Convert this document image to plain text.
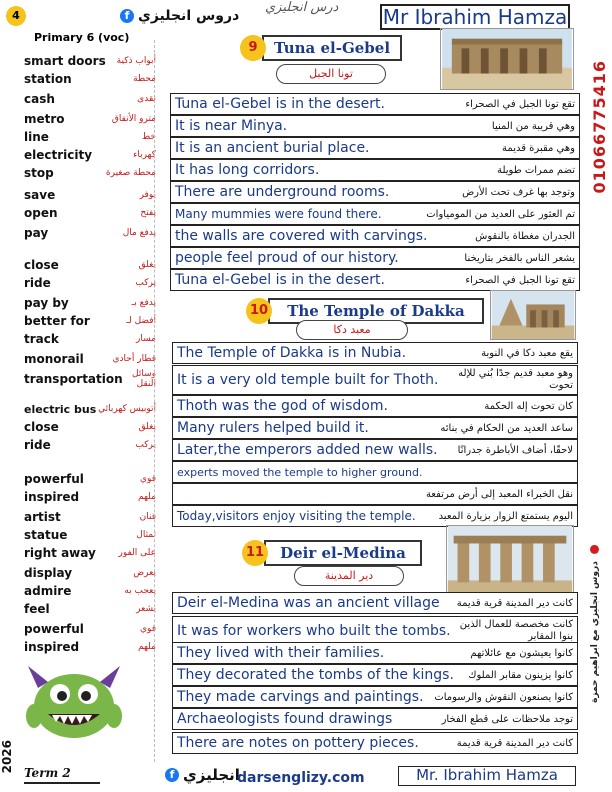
4	f دروس انجليزي
درس انجليزي Mr Ibrahim Hamza
01066775416
دروس انجليزي مع ابراهيم حمزة
Primary 6 (voc)
smart doors أبواب ذكية
station	محطة
cash	نقدى
metro	مترو الأنفاق
line	خط
electricity	كهرباء
stop	محطة صغيرة
save	يوفر
open	يفتح
pay	يدفع مال
close	يغلق
ride	يركب
pay by	يدفع بـ
better for	أفضل لـ
track	مسار
monorail	قطار أحادي
transportation	وسائل النقل
electric bus أتوبيس كهربائي
close	يغلق
ride	يركب
powerful	قوي
inspired	ملهم
artist	فنان
statue	تمثال
right away	على الفور
display	يعرض
admire	يعجب به
feel	يشعر
powerful	قوي
inspired	ملهم
9	Tuna el-Gebel
تونا الجبل
Tuna el-Gebel is in the desert.	تقع تونا الجبل في الصحراء
It is near Minya.	وهي قريبة من المنيا
It is an ancient burial place.	وهي مقبرة قديمة
It has long corridors.	تضم ممرات طويلة
There are underground rooms.	وتوجد بها غرف تحت الأرض
Many mummies were found there.	تم العثور على العديد من المومياوات
the walls are covered with carvings.	الجدران مغطاة بالنقوش
people feel proud of our history.	يشعر الناس بالفخر بتاريخنا
Tuna el-Gebel is in the desert.	تقع تونا الجبل في الصحراء
10	The Temple of Dakka
معبد دكا
The Temple of Dakka is in Nubia.	يقع معبد دكا في النوبة
It is a very old temple built for Thoth.	وهو معبد قديم جدًا بُني للإله تحوت
Thoth was the god of wisdom.	كان تحوت إله الحكمة
Many rulers helped build it.	ساعد العديد من الحكام في بنائه
Later,the emperors added new walls.	لاحقًا، أضاف الأباطرة جدرانًا
experts moved the temple to higher ground.
نقل الخبراء المعبد إلى أرض مرتفعة
Today,visitors enjoy visiting the temple.	اليوم يستمتع الزوار بزيارة المعبد
11	Deir el-Medina
دير المدينة
Deir el-Medina was an ancient village	كانت دير المدينة قرية قديمة
It was for workers who built the tombs. كانت مخصصة للعمال الذين بنوا المقابر
They lived with their families.	كانوا يعيشون مع عائلاتهم
They decorated the tombs of the kings.	كانوا يزينون مقابر الملوك
They made carvings and paintings.	كانوا يصنعون النقوش والرسومات
Archaeologists found drawings	توجد ملاحظات على قطع الفخار
There are notes on pottery pieces.	كانت دير المدينة قرية قديمة
2026 Term 2	f انجليزي
darsenglizy.com	Mr. Ibrahim Hamza
